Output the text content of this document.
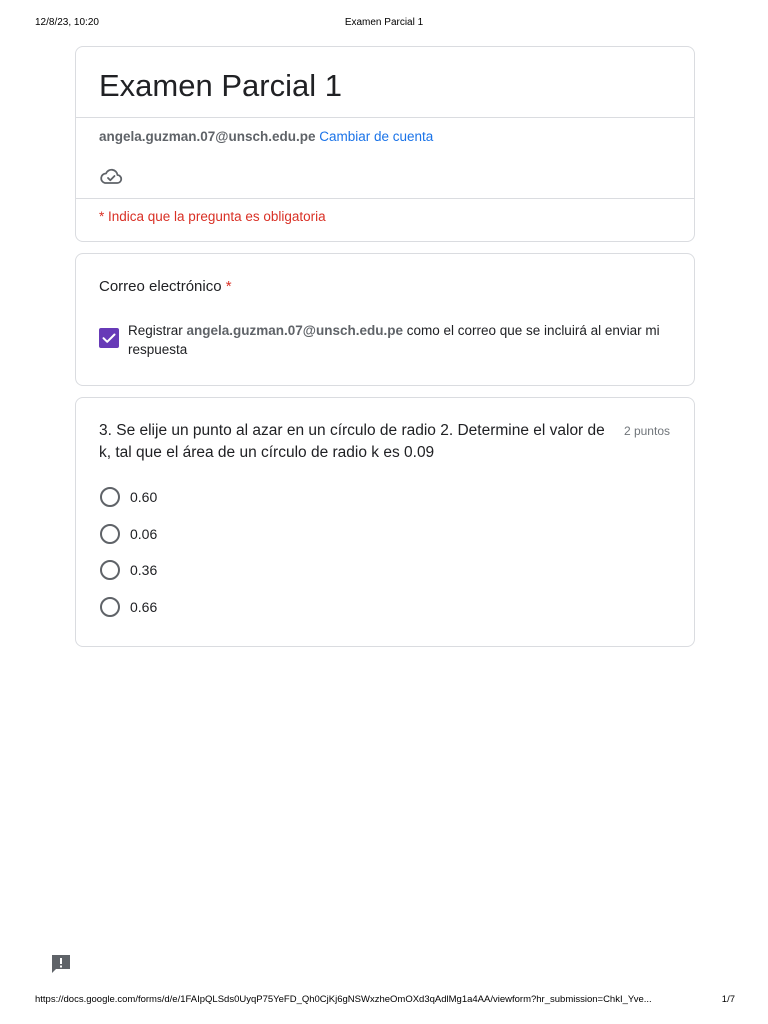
12/8/23, 10:20	Examen Parcial 1
Examen Parcial 1
angela.guzman.07@unsch.edu.pe Cambiar de cuenta
* Indica que la pregunta es obligatoria
Correo electrónico *
Registrar angela.guzman.07@unsch.edu.pe como el correo que se incluirá al enviar mi respuesta
3. Se elije un punto al azar en un círculo de radio 2. Determine el valor de k, tal que el área de un círculo de radio k es 0.09
2 puntos
0.60
0.06
0.36
0.66
https://docs.google.com/forms/d/e/1FAIpQLSds0UyqP75YeFD_Qh0CjKj6gNSWxzheOmOXd3qAdlMg1a4AA/viewform?hr_submission=ChkI_Yve...	1/7
